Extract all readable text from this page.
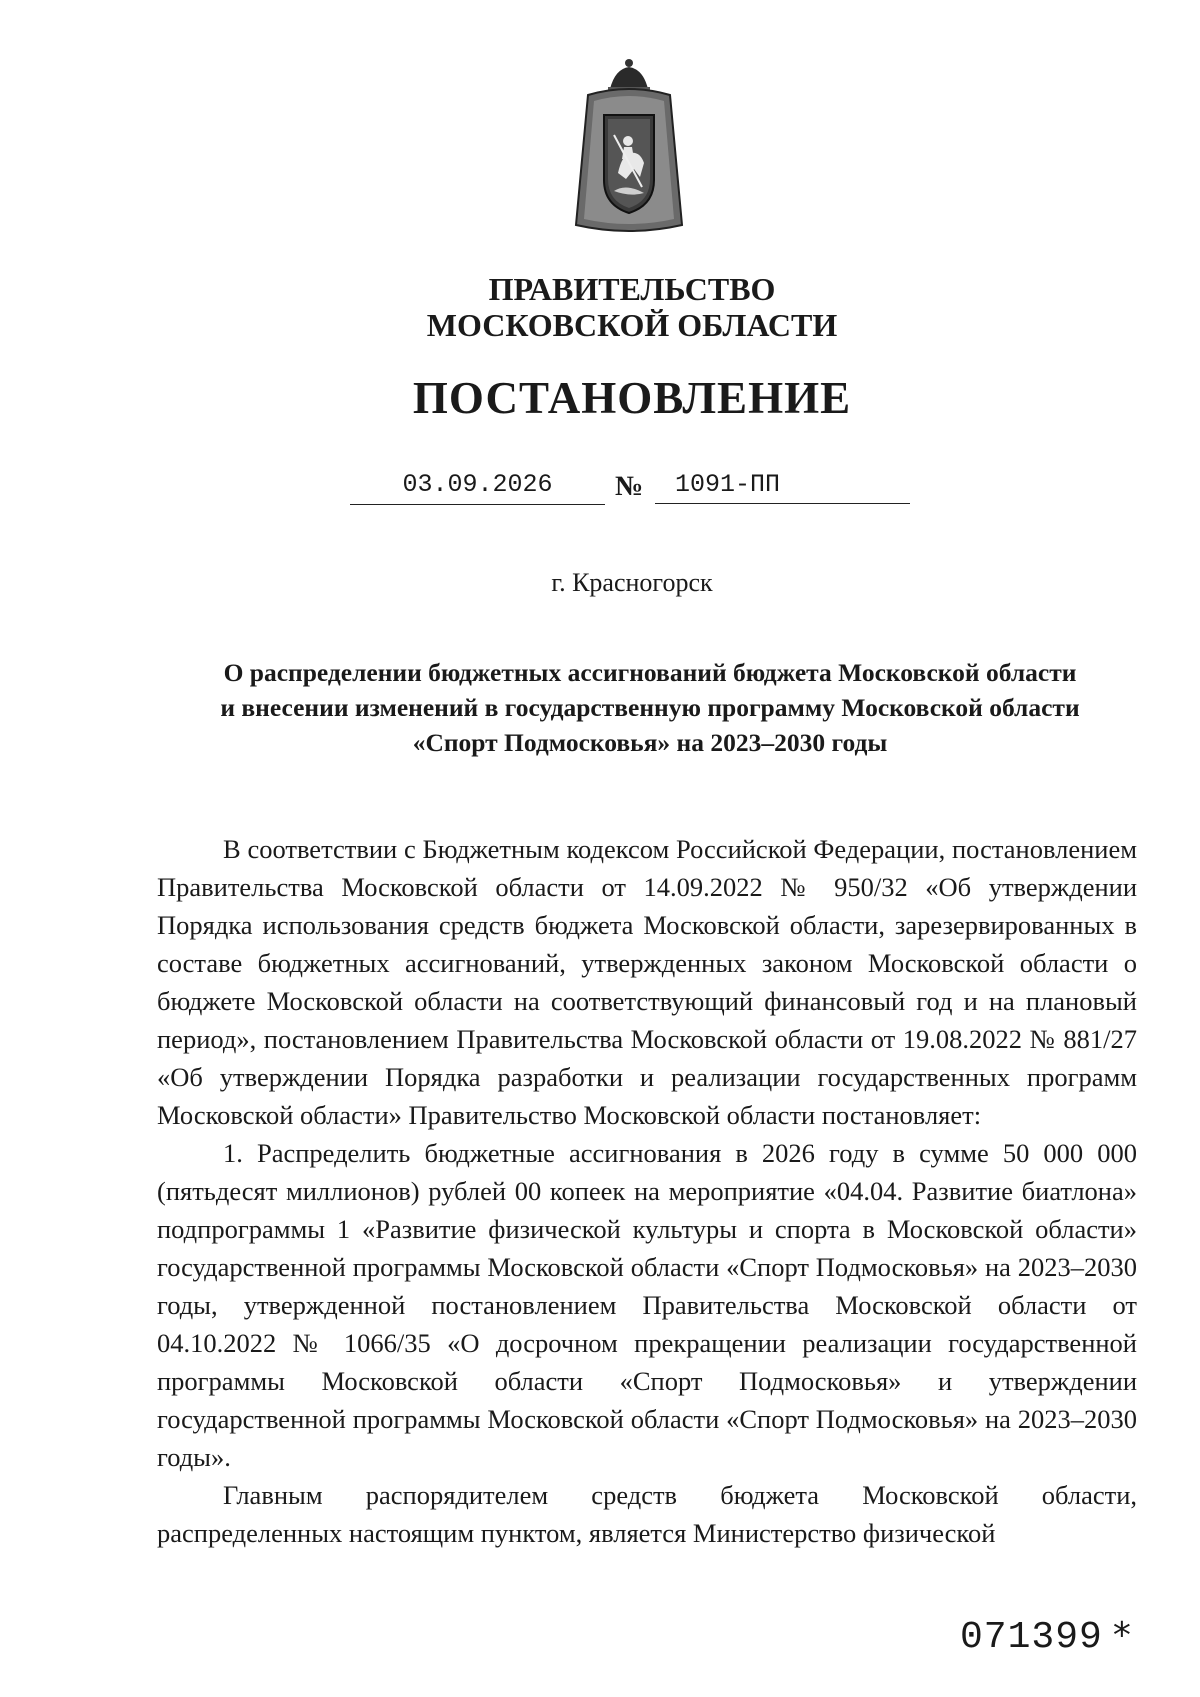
ПРАВИТЕЛЬСТВО
МОСКОВСКОЙ ОБЛАСТИ
ПОСТАНОВЛЕНИЕ
03.09.2026	№	1091-ПП
г. Красногорск
О распределении бюджетных ассигнований бюджета Московской области
и внесении изменений в государственную программу Московской области
«Спорт Подмосковья» на 2023–2030 годы

В соответствии с Бюджетным кодексом Российской Федерации, постановлением Правительства Московской области от 14.09.2022 № 950/32 «Об утверждении Порядка использования средств бюджета Московской области, зарезервированных в составе бюджетных ассигнований, утвержденных законом Московской области о бюджете Московской области на соответствующий финансовый год и на плановый период», постановлением Правительства Московской области от 19.08.2022 № 881/27 «Об утверждении Порядка разработки и реализации государственных программ Московской области» Правительство Московской области постановляет:

1. Распределить бюджетные ассигнования в 2026 году в сумме 50 000 000 (пятьдесят миллионов) рублей 00 копеек на мероприятие «04.04. Развитие биатлона» подпрограммы 1 «Развитие физической культуры и спорта в Московской области» государственной программы Московской области «Спорт Подмосковья» на 2023–2030 годы, утвержденной постановлением Правительства Московской области от 04.10.2022 № 1066/35 «О досрочном прекращении реализации государственной программы Московской области «Спорт Подмосковья» и утверждении государственной программы Московской области «Спорт Подмосковья» на 2023–2030 годы».

Главным распорядителем средств бюджета Московской области, распределенных настоящим пунктом, является Министерство физической

071399 *
